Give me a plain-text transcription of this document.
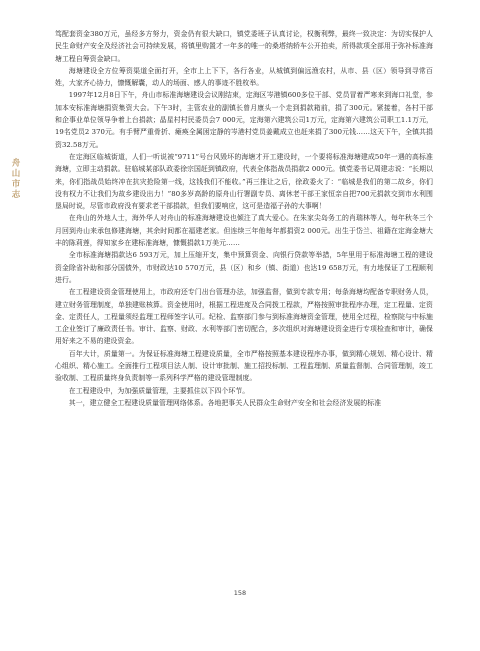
舟山市志

笃配套资金380万元，虽经多方努力，资金仍有很大缺口，镇党委班子认真讨论，权衡利弊，最终一致决定：为切实保护人民生命财产安全及经济社会可持续发展，将镇里购置才一年多的唯一的桑塔纳轿车公开拍卖，所得款项全部用于弥补标准海塘工程自筹资金缺口。

海塘建设全方位筹资渠道全面打开，全市上上下下，各行各业，从城镇到偏远渔农村，从市、县（区）领导到寻常百姓，大家齐心协力，慷慨解囊，动人的场面、感人的事迹不胜枚举。

1997年12月8日下午，舟山市标准海塘建设会议刚结束，定海区岑港镇600多位干部、党员冒着严寒来到海口礼堂，参加本安标准海塘捐资集资大会。下午3时，主管农业的副镇长曾月康头一个走到捐款箱前，捐了300元。紧接着，各村干部和企事业单位领导争着上台捐款；晶星村村民委员会7 000元，定海第六建筑公司1万元，定海第六建筑公司职工1.1万元，19名党员2 370元。有手臂严重骨折、瘫痪全属困定静的岑港村党员姜戴成立也赶来捐了300元钱……这天下午，全镇共捐资32.58万元。

在定海区临城街道，人们一听说被“9711”号台风毁坏的海塘才开工建设时，一个要将标准海塘建成50年一遇的高标准海塘，立即主动捐款。驻临城某部队政委徐宗国赶到镇政府，代表全体指战员捐款2 000元。镇党委书记周建志说：“长期以来，你们指战员始终冲在抗灾抢险第一线，这钱我们不能收。”再三推让之后，徐政委火了：“临城是我们的第二故乡，你们没有权力不让我们为故乡建设出力！”80多岁高龄的原舟山行署副专员、离休老干部王家恒亲自把700元捐款交到市水利围垦局时说，尽管市政府没有要求老干部捐款，但我们要响应，这可是造福子孙的大事啊！

在舟山的外地人士，海外华人对舟山的标准海塘建设也倾注了真大爱心。在朱家尖岛务工的肖瑞林等人，每年秋冬三个月回到舟山来承包修建海塘，其余时间都在福建老家。但连续三年他每年都捐资2 000元。出生于岱兰、祖籍在定海金塘大丰的陈莉莲，得知家乡在建标准海塘，慷慨捐款1万美元……

全市标准海塘捐款达6 593万元，加上压缩开支，集中预算资金、向银行贷款等举措，5年里用于标准海塘工程的建设资金除省补助和部分国债外，市财政达10 570万元，县（区）和乡（镇、街道）也达19 658万元，有力地保证了工程顺利进行。

在工程建设资金管理使用上，市政府还专门出台管理办法，加强监督，做到专款专用；每条海塘均配备专职财务人员，建立财务管理制度，单独建账核算。资金使用时，根据工程进度及合同拨工程款，严格按照审批程序办理，定工程量、定资金、定责任人，工程量须经监理工程师签字认可。纪检、监察部门参与到标准海塘资金管理，使用全过程，检察院与中标施工企业签订了廉政责任书。审计、监察、财政、水利等部门密切配合，多次组织对海塘建设资金进行专项检查和审计，确保用好来之不易的建设资金。

百年大计，质量第一。为保证标准海塘工程建设质量，全市严格按照基本建设程序办事，做到精心规划、精心设计、精心组织、精心施工。全面推行工程项目法人制、设计审批制、施工招投标制、工程监理制、质量监督制、合同管理制，竣工验收制、工程质量终身负责制等一系列科学严格的建设管理制度。

在工程建设中，为加强质量管理，主要抓住以下四个环节。

其一，建立健全工程建设质量管理网络体系。各地把事关人民群众生命财产安全和社会经济发展的标准

158
